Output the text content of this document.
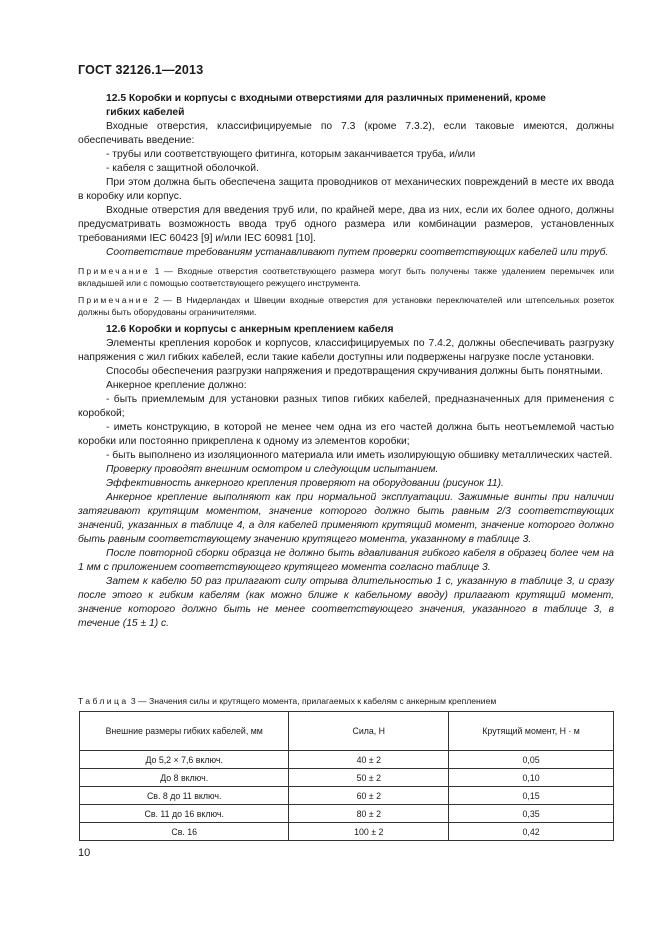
ГОСТ 32126.1—2013

12.5 Коробки и корпусы с входными отверстиями для различных применений, кроме
гибких кабелей

Входные отверстия, классифицируемые по 7.3 (кроме 7.3.2), если таковые имеются, должны обеспечивать введение:

- трубы или соответствующего фитинга, которым заканчивается труба, и/или

- кабеля с защитной оболочкой.

При этом должна быть обеспечена защита проводников от механических повреждений в месте их ввода в коробку или корпус.

Входные отверстия для введения труб или, по крайней мере, два из них, если их более одного, должны предусматривать возможность ввода труб одного размера или комбинации размеров, установленных требованиями IEC 60423 [9] и/или IEC 60981 [10].

Соответствие требованиям устанавливают путем проверки соответствующих кабелей или труб.

Примечание 1 — Входные отверстия соответствующего размера могут быть получены также удалением перемычек или вкладышей или с помощью соответствующего режущего инструмента.

Примечание 2 — В Нидерландах и Швеции входные отверстия для установки переключателей или штепсельных розеток должны быть оборудованы ограничителями.

12.6 Коробки и корпусы с анкерным креплением кабеля

Элементы крепления коробок и корпусов, классифицируемых по 7.4.2, должны обеспечивать разгрузку напряжения с жил гибких кабелей, если такие кабели доступны или подвержены нагрузке после установки.

Способы обеспечения разгрузки напряжения и предотвращения скручивания должны быть понятными.

Анкерное крепление должно:

- быть приемлемым для установки разных типов гибких кабелей, предназначенных для применения с коробкой;

- иметь конструкцию, в которой не менее чем одна из его частей должна быть неотъемлемой частью коробки или постоянно прикреплена к одному из элементов коробки;

- быть выполнено из изоляционного материала или иметь изолирующую обшивку металлических частей.

Проверку проводят внешним осмотром и следующим испытанием.

Эффективность анкерного крепления проверяют на оборудовании (рисунок 11).

Анкерное крепление выполняют как при нормальной эксплуатации. Зажимные винты при наличии затягивают крутящим моментом, значение которого должно быть равным 2/3 соответствующих значений, указанных в таблице 4, а для кабелей применяют крутящий момент, значение которого должно быть равным соответствующему значению крутящего момента, указанному в таблице 3.

После повторной сборки образца не должно быть вдавливания гибкого кабеля в образец более чем на 1 мм с приложением соответствующего крутящего момента согласно таблице 3.

Затем к кабелю 50 раз прилагают силу отрыва длительностью 1 с, указанную в таблице 3, и сразу после этого к гибким кабелям (как можно ближе к кабельному вводу) прилагают крутящий момент, значение которого должно быть не менее соответствующего значения, указанного в таблице 3, в течение (15 ± 1) с.

Таблица 3 — Значения силы и крутящего момента, прилагаемых к кабелям с анкерным креплением
Внешние размеры гибких кабелей, мм	Сила, Н	Крутящий момент, Н · м
До 5,2 × 7,6 включ.	40 ± 2	0,05
До 8 включ.	50 ± 2	0,10
Св. 8 до 11 включ.	60 ± 2	0,15
Св. 11 до 16 включ.	80 ± 2	0,35
Св. 16	100 ± 2	0,42
10
